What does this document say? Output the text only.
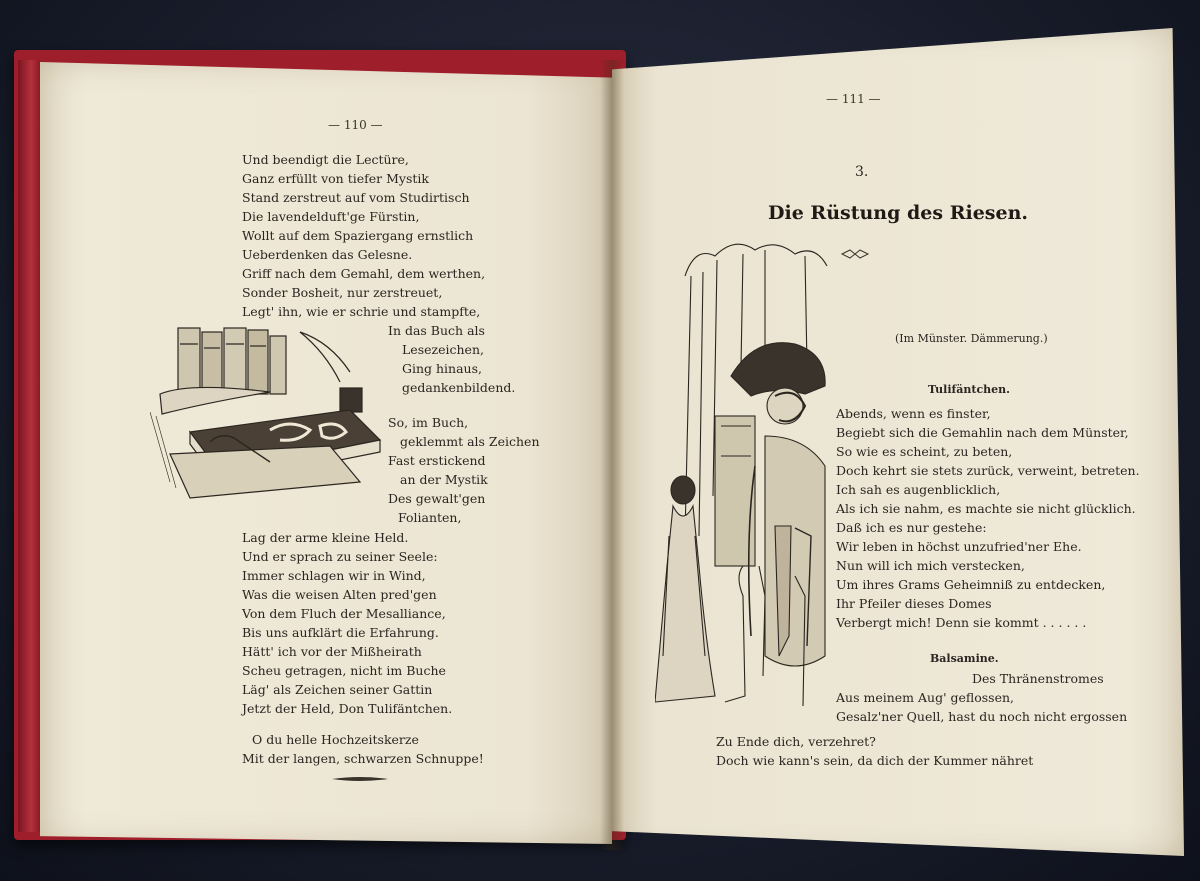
— 110 —
Und beendigt die Lectüre,
Ganz erfüllt von tiefer Mystik
Stand zerstreut auf vom Studirtisch
Die lavendelduft'ge Fürstin,
Wollt auf dem Spaziergang ernstlich
Ueberdenken das Gelesne.
Griff nach dem Gemahl, dem werthen,
Sonder Bosheit, nur zerstreuet,
Legt' ihn, wie er schrie und stampfte,
In das Buch als
Lesezeichen,
Ging hinaus,
gedankenbildend.
So, im Buch,
geklemmt als Zeichen
Fast erstickend
an der Mystik
Des gewalt'gen
Folianten,
Lag der arme kleine Held.
Und er sprach zu seiner Seele:
Immer schlagen wir in Wind,
Was die weisen Alten pred'gen
Von dem Fluch der Mesalliance,
Bis uns aufklärt die Erfahrung.
Hätt' ich vor der Mißheirath
Scheu getragen, nicht im Buche
Läg' als Zeichen seiner Gattin
Jetzt der Held, Don Tulifäntchen.
O du helle Hochzeitskerze
Mit der langen, schwarzen Schnuppe!
— 111 —
3.
Die Rüstung des Riesen.
(Im Münster. Dämmerung.)
Tulifäntchen.
Abends, wenn es finster,
Begiebt sich die Gemahlin nach dem Münster,
So wie es scheint, zu beten,
Doch kehrt sie stets zurück, verweint, betreten.
Ich sah es augenblicklich,
Als ich sie nahm, es machte sie nicht glücklich.
Daß ich es nur gestehe:
Wir leben in höchst unzufried'ner Ehe.
Nun will ich mich verstecken,
Um ihres Grams Geheimniß zu entdecken,
Ihr Pfeiler dieses Domes
Verbergt mich! Denn sie kommt . . . . . .
Balsamine.
Des Thränenstromes
Aus meinem Aug' geflossen,
Gesalz'ner Quell, hast du noch nicht ergossen
Zu Ende dich, verzehret?
Doch wie kann's sein, da dich der Kummer nähret
